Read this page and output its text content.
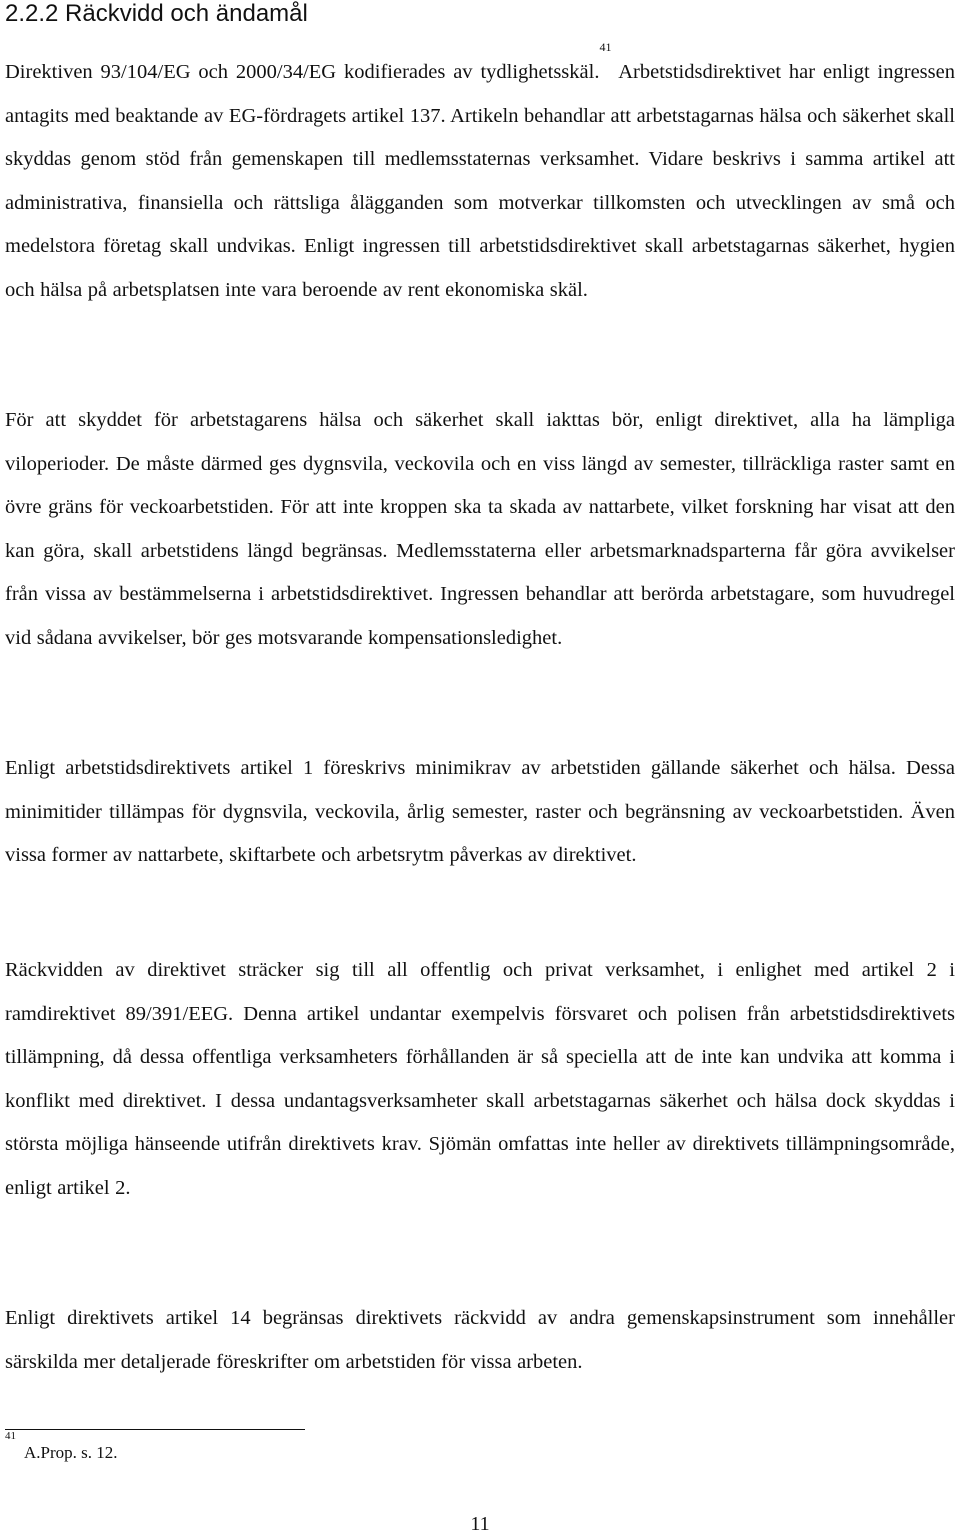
2.2.2 Räckvidd och ändamål

Direktiven 93/104/EG och 2000/34/EG kodifierades av tydlighetsskäl.$^{41}$ Arbetstidsdirektivet har enligt ingressen antagits med beaktande av EG-fördragets artikel 137. Artikeln behandlar att arbetstagarnas hälsa och säkerhet skall skyddas genom stöd från gemenskapen till medlemsstaternas verksamhet. Vidare beskrivs i samma artikel att administrativa, finansiella och rättsliga ålägganden som motverkar tillkomsten och utvecklingen av små och medelstora företag skall undvikas. Enligt ingressen till arbetstidsdirektivet skall arbetstagarnas säkerhet, hygien och hälsa på arbetsplatsen inte vara beroende av rent ekonomiska skäl.

För att skyddet för arbetstagarens hälsa och säkerhet skall iakttas bör, enligt direktivet, alla ha lämpliga viloperioder. De måste därmed ges dygnsvila, veckovila och en viss längd av semester, tillräckliga raster samt en övre gräns för veckoarbetstiden. För att inte kroppen ska ta skada av nattarbete, vilket forskning har visat att den kan göra, skall arbetstidens längd begränsas. Medlemsstaterna eller arbetsmarknadsparterna får göra avvikelser från vissa av bestämmelserna i arbetstidsdirektivet. Ingressen behandlar att berörda arbetstagare, som huvudregel vid sådana avvikelser, bör ges motsvarande kompensationsledighet.

Enligt arbetstidsdirektivets artikel 1 föreskrivs minimikrav av arbetstiden gällande säkerhet och hälsa. Dessa minimitider tillämpas för dygnsvila, veckovila, årlig semester, raster och begränsning av veckoarbetstiden. Även vissa former av nattarbete, skiftarbete och arbetsrytm påverkas av direktivet.

Räckvidden av direktivet sträcker sig till all offentlig och privat verksamhet, i enlighet med artikel 2 i ramdirektivet 89/391/EEG. Denna artikel undantar exempelvis försvaret och polisen från arbetstidsdirektivets tillämpning, då dessa offentliga verksamheters förhållanden är så speciella att de inte kan undvika att komma i konflikt med direktivet. I dessa undantagsverksamheter skall arbetstagarnas säkerhet och hälsa dock skyddas i största möjliga hänseende utifrån direktivets krav. Sjömän omfattas inte heller av direktivets tillämpningsområde, enligt artikel 2.

Enligt direktivets artikel 14 begränsas direktivets räckvidd av andra gemenskapsinstrument som innehåller särskilda mer detaljerade föreskrifter om arbetstiden för vissa arbeten.

$^{41}$A.Prop. s. 12.

11
